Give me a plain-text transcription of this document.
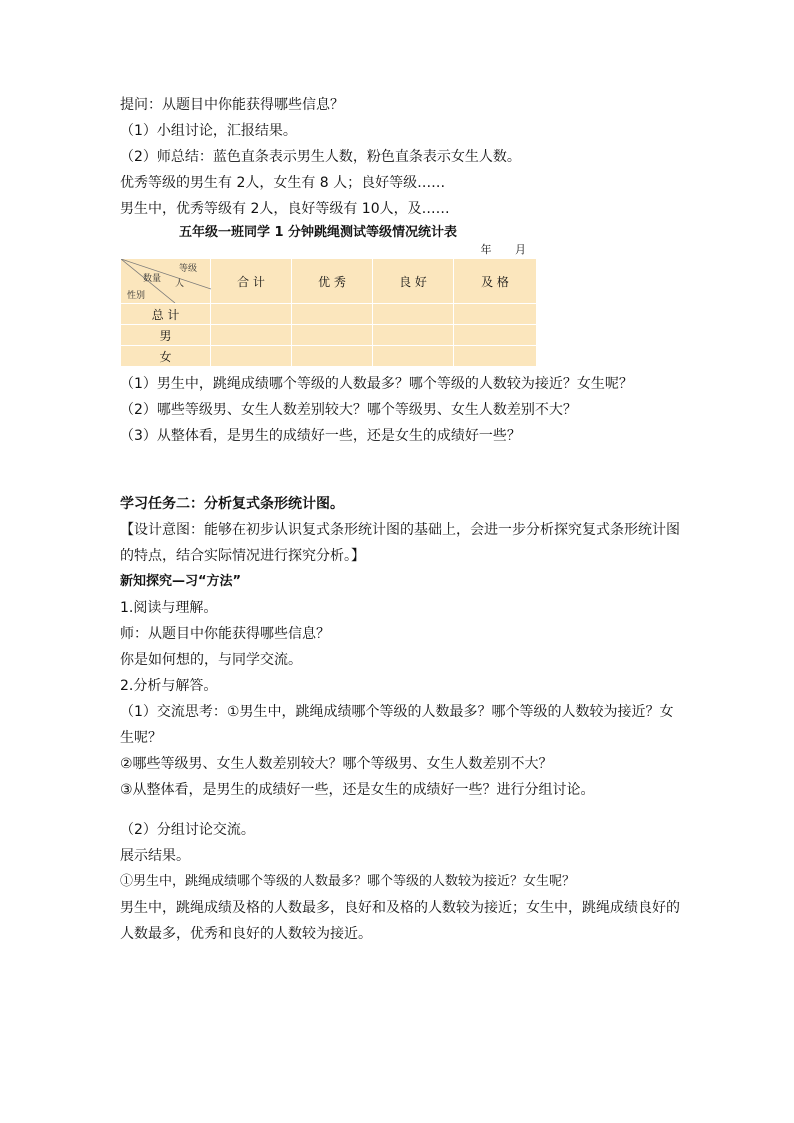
提问：从题目中你能获得哪些信息？
（1）小组讨论，汇报结果。
（2）师总结：蓝色直条表示男生人数，粉色直条表示女生人数。
优秀等级的男生有 2人，女生有 8 人；良好等级……
男生中，优秀等级有 2人，良好等级有 10人，及……
五年级一班同学 1 分钟跳绳测试等级情况统计表
年 月
等级
数量 人
性别	合 计	优 秀	良 好	及 格
总 计				
男				
女				
（1）男生中，跳绳成绩哪个等级的人数最多？哪个等级的人数较为接近？女生呢？
（2）哪些等级男、女生人数差别较大？哪个等级男、女生人数差别不大？
（3）从整体看，是男生的成绩好一些，还是女生的成绩好一些？
学习任务二：分析复式条形统计图。
【设计意图：能够在初步认识复式条形统计图的基础上，会进一步分析探究复式条形统计图的特点，结合实际情况进行探究分析。】
新知探究—习“方法”
1.阅读与理解。
师：从题目中你能获得哪些信息？
你是如何想的，与同学交流。
2.分析与解答。
（1）交流思考：①男生中，跳绳成绩哪个等级的人数最多？哪个等级的人数较为接近？女生呢？
②哪些等级男、女生人数差别较大？哪个等级男、女生人数差别不大？
③从整体看，是男生的成绩好一些，还是女生的成绩好一些？进行分组讨论。
（2）分组讨论交流。
展示结果。
①男生中，跳绳成绩哪个等级的人数最多？哪个等级的人数较为接近？女生呢？
男生中，跳绳成绩及格的人数最多，良好和及格的人数较为接近；女生中，跳绳成绩良好的人数最多，优秀和良好的人数较为接近。
